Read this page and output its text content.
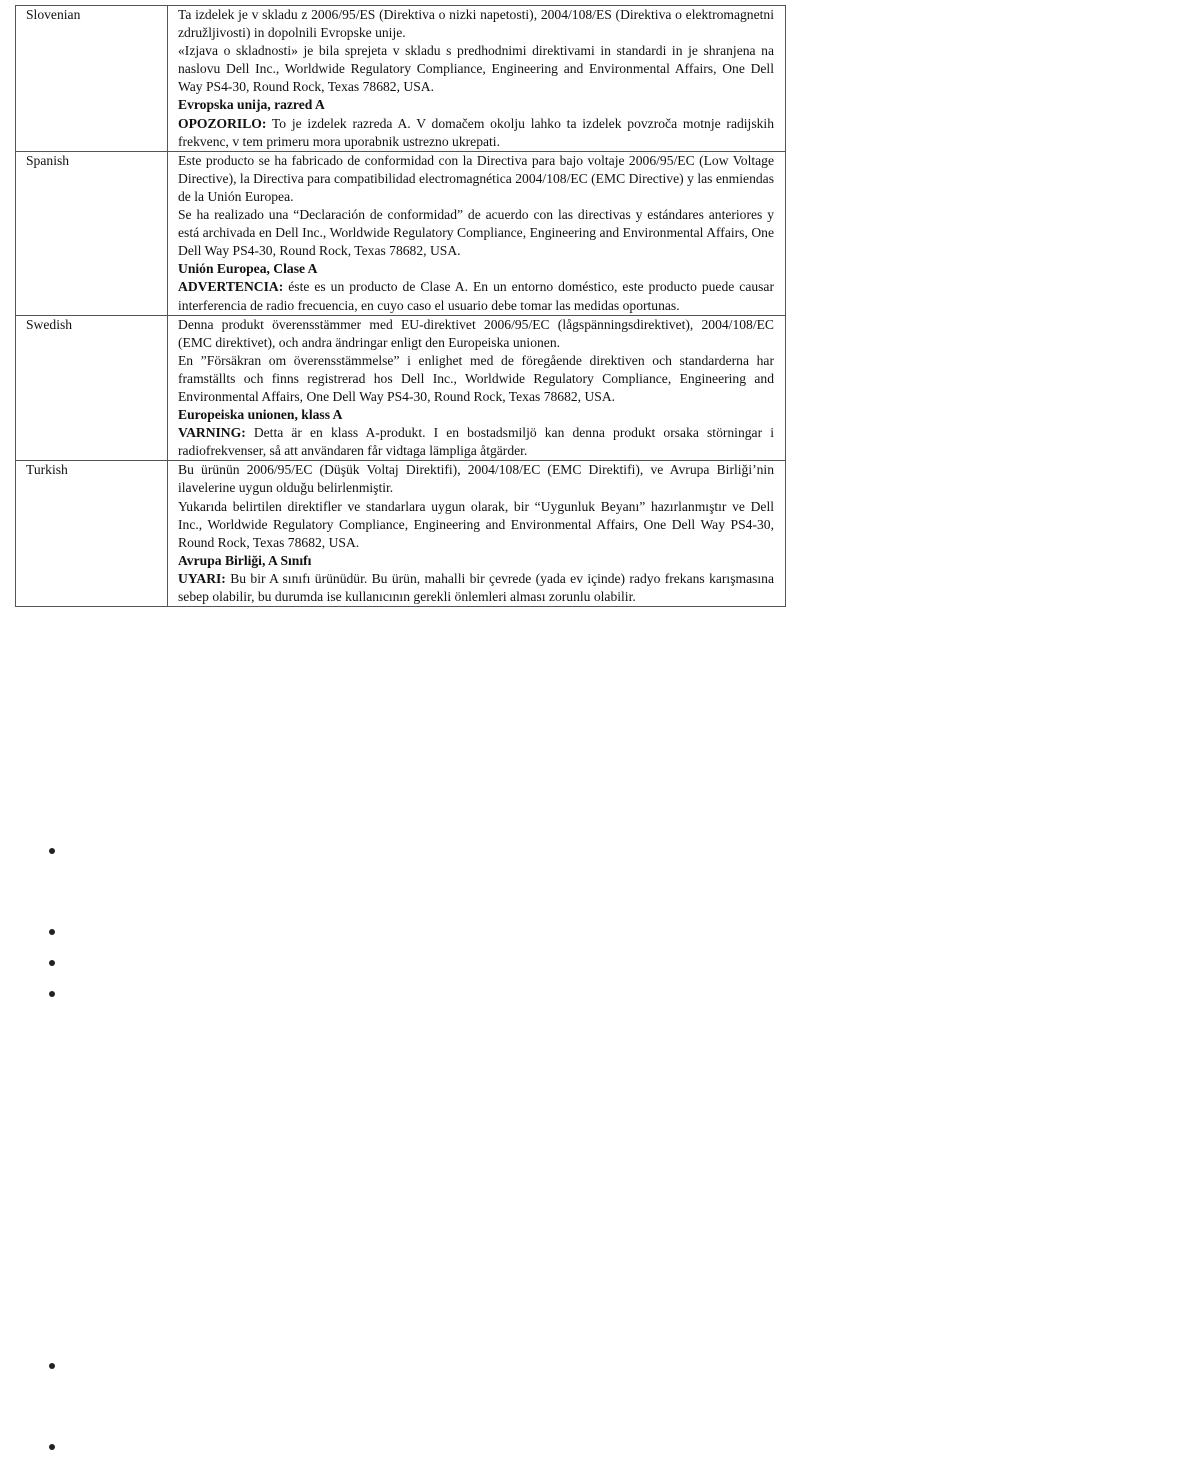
Slovenian	Ta izdelek je v skladu z 2006/95/ES (Direktiva o nizki napetosti), 2004/108/ES (Direktiva o elektromagnetni združljivosti) in dopolnili Evropske unije.
«Izjava o skladnosti» je bila sprejeta v skladu s predhodnimi direktivami in standardi in je shranjena na naslovu Dell Inc., Worldwide Regulatory Compliance, Engineering and Environmental Affairs, One Dell Way PS4-30, Round Rock, Texas 78682, USA.
Evropska unija, razred A
OPOZORILO: To je izdelek razreda A. V domačem okolju lahko ta izdelek povzroča motnje radijskih frekvenc, v tem primeru mora uporabnik ustrezno ukrepati.

Spanish	Este producto se ha fabricado de conformidad con la Directiva para bajo voltaje 2006/95/EC (Low Voltage Directive), la Directiva para compatibilidad electromagnética 2004/108/EC (EMC Directive) y las enmiendas de la Unión Europea.
Se ha realizado una “Declaración de conformidad” de acuerdo con las directivas y estándares anteriores y está archivada en Dell Inc., Worldwide Regulatory Compliance, Engineering and Environmental Affairs, One Dell Way PS4-30, Round Rock, Texas 78682, USA.
Unión Europea, Clase A
ADVERTENCIA: éste es un producto de Clase A. En un entorno doméstico, este producto puede causar interferencia de radio frecuencia, en cuyo caso el usuario debe tomar las medidas oportunas.

Swedish	Denna produkt överensstämmer med EU-direktivet 2006/95/EC (lågspänningsdirektivet), 2004/108/EC (EMC direktivet), och andra ändringar enligt den Europeiska unionen.
En ”Försäkran om överensstämmelse” i enlighet med de föregående direktiven och standarderna har framställts och finns registrerad hos Dell Inc., Worldwide Regulatory Compliance, Engineering and Environmental Affairs, One Dell Way PS4-30, Round Rock, Texas 78682, USA.
Europeiska unionen, klass A
VARNING: Detta är en klass A-produkt. I en bostadsmiljö kan denna produkt orsaka störningar i radiofrekvenser, så att användaren får vidtaga lämpliga åtgärder.

Turkish	Bu ürünün 2006/95/EC (Düşük Voltaj Direktifi), 2004/108/EC (EMC Direktifi), ve Avrupa Birliği’nin ilavelerine uygun olduğu belirlenmiştir.
Yukarıda belirtilen direktifler ve standarlara uygun olarak, bir “Uygunluk Beyanı” hazırlanmıştır ve Dell Inc., Worldwide Regulatory Compliance, Engineering and Environmental Affairs, One Dell Way PS4-30, Round Rock, Texas 78682, USA.
Avrupa Birliği, A Sınıfı
UYARI: Bu bir A sınıfı ürünüdür. Bu ürün, mahalli bir çevrede (yada ev içinde) radyo frekans karışmasına sebep olabilir, bu durumda ise kullanıcının gerekli önlemleri alması zorunlu olabilir.
